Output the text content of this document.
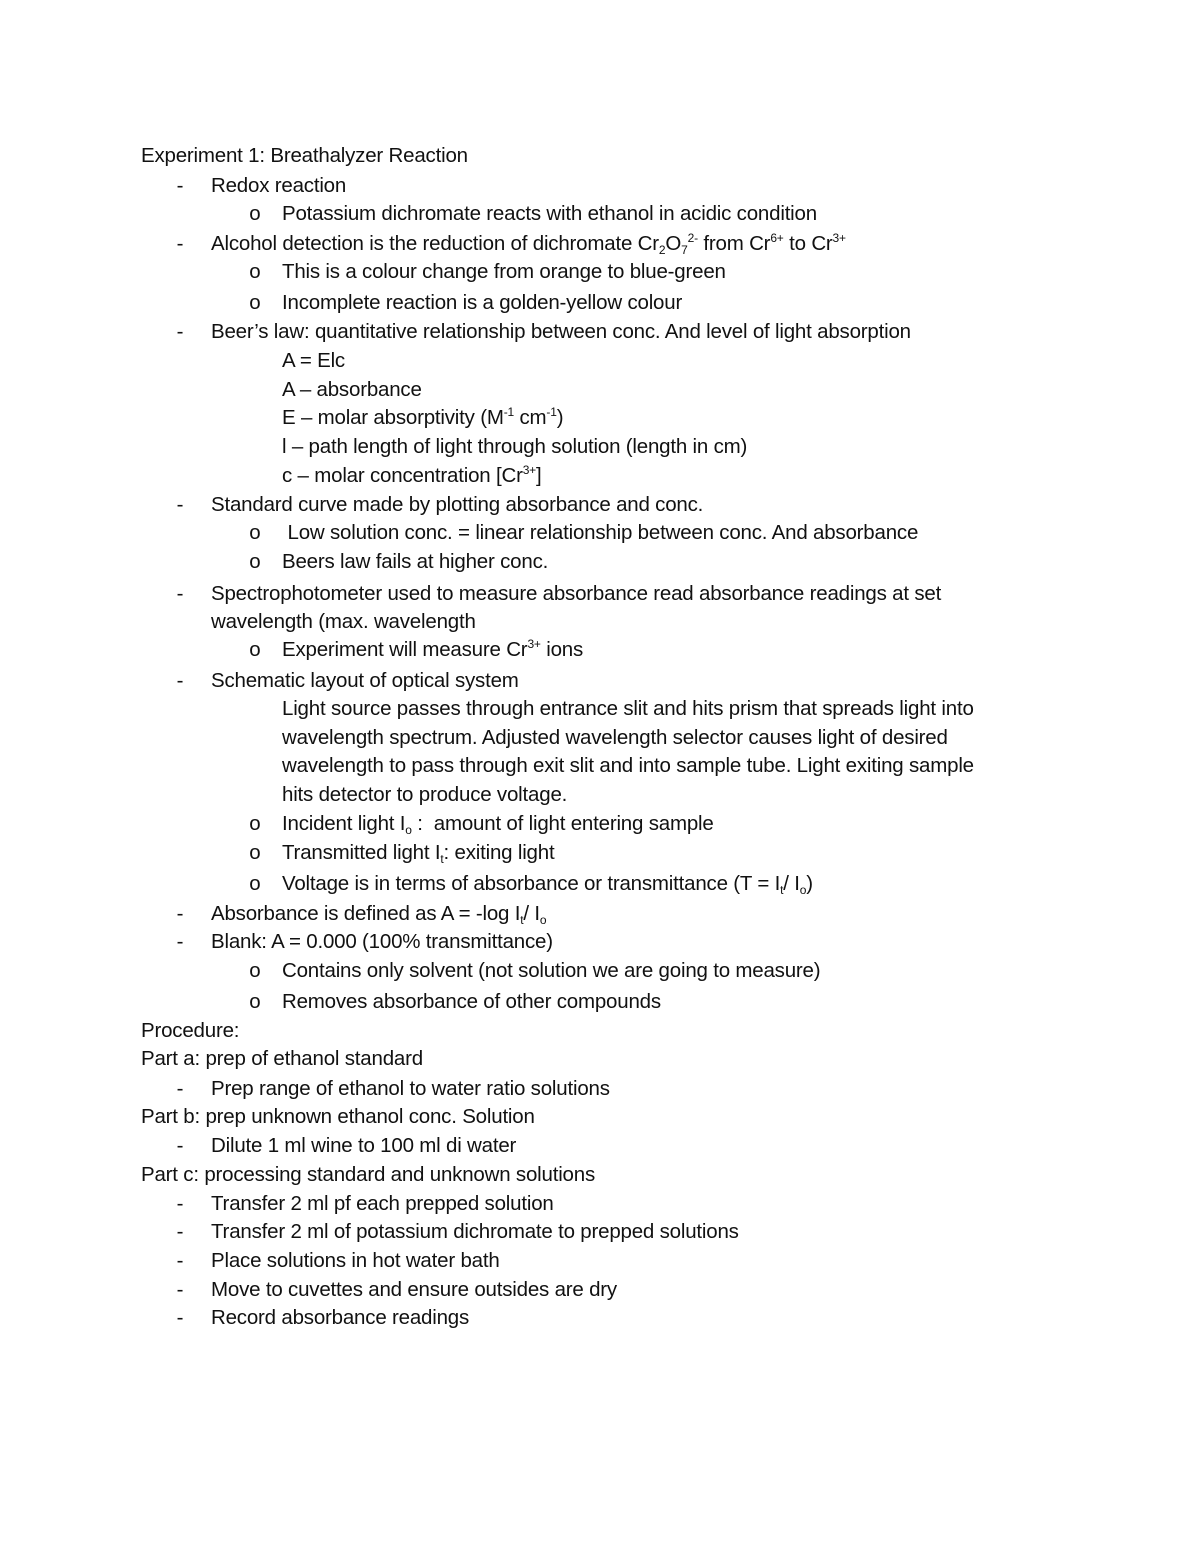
Experiment 1: Breathalyzer Reaction
-	Redox reaction
o Potassium dichromate reacts with ethanol in acidic condition
-	Alcohol detection is the reduction of dichromate $Cr_2O_7^{2-}$ from $Cr^{6+}$ to $Cr^{3+}$
o This is a colour change from orange to blue-green
o Incomplete reaction is a golden-yellow colour
-	Beer’s law: quantitative relationship between conc. And level of light absorption
A = Elc
A – absorbance
E – molar absorptivity ($M^{-1}$ $cm^{-1}$)
l – path length of light through solution (length in cm)
c – molar concentration $[Cr^{3+}]$
-	Standard curve made by plotting absorbance and conc.
o Low solution conc. = linear relationship between conc. And absorbance
o Beers law fails at higher conc.
-	Spectrophotometer used to measure absorbance read absorbance readings at set
wavelength (max. wavelength
o Experiment will measure $Cr^{3+}$ ions
-	Schematic layout of optical system
Light source passes through entrance slit and hits prism that spreads light into
wavelength spectrum. Adjusted wavelength selector causes light of desired
wavelength to pass through exit slit and into sample tube. Light exiting sample
hits detector to produce voltage.
o Incident light $I_o$ :  amount of light entering sample
o Transmitted light $I_t$: exiting light
o Voltage is in terms of absorbance or transmittance ($T = I_t/$ $I_o$)
-	Absorbance is defined as A = -log $I_t/$ $I_o$
-	Blank: A = 0.000 (100% transmittance)
o Contains only solvent (not solution we are going to measure)
o Removes absorbance of other compounds
Procedure:
Part a: prep of ethanol standard
-	Prep range of ethanol to water ratio solutions
Part b: prep unknown ethanol conc. Solution
-	Dilute 1 ml wine to 100 ml di water
Part c: processing standard and unknown solutions
-	Transfer 2 ml pf each prepped solution
-	Transfer 2 ml of potassium dichromate to prepped solutions
-	Place solutions in hot water bath
-	Move to cuvettes and ensure outsides are dry
-	Record absorbance readings
